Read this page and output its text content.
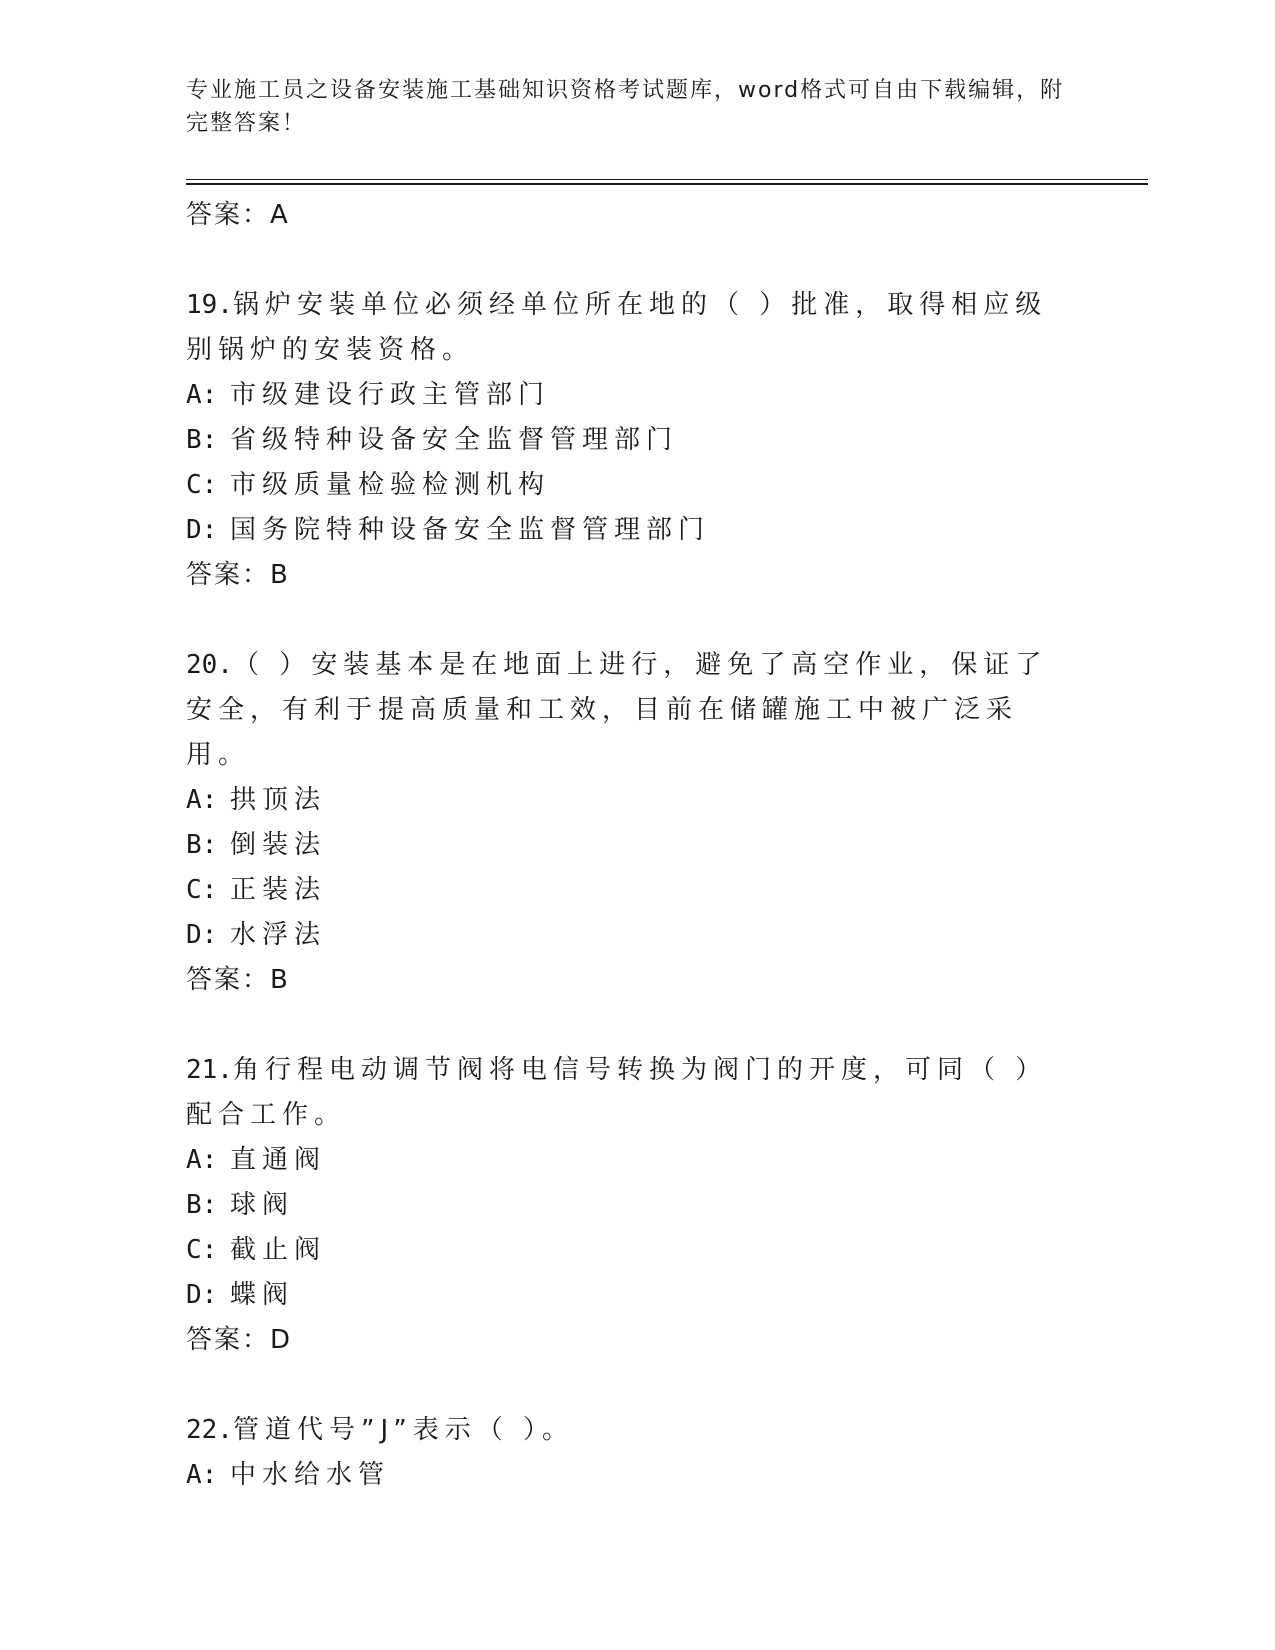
专业施工员之设备安装施工基础知识资格考试题库，word格式可自由下载编辑，附完整答案！
答案：A
19.锅炉安装单位必须经单位所在地的（ ）批准，取得相应级别锅炉的安装资格。
A: 市级建设行政主管部门
B: 省级特种设备安全监督管理部门
C: 市级质量检验检测机构
D: 国务院特种设备安全监督管理部门
答案：B
20.（ ）安装基本是在地面上进行，避免了高空作业，保证了安全，有利于提高质量和工效，目前在储罐施工中被广泛采用。
A: 拱顶法
B: 倒装法
C: 正装法
D: 水浮法
答案：B
21.角行程电动调节阀将电信号转换为阀门的开度，可同（ ）配合工作。
A: 直通阀
B: 球阀
C: 截止阀
D: 蝶阀
答案：D
22.管道代号”J”表示（ ）。
A: 中水给水管
